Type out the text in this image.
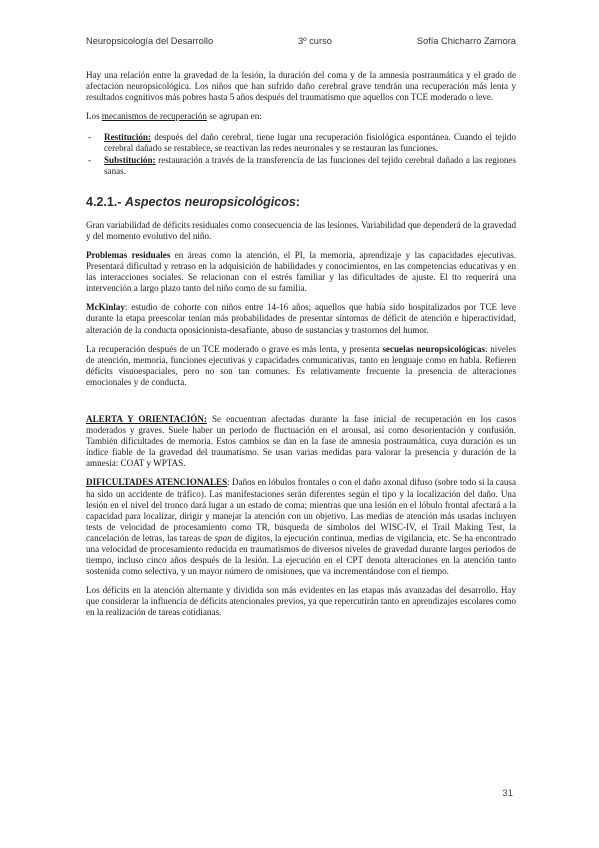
Neuropsicología del Desarrollo	3º curso	Sofía Chicharro Zamora

Hay una relación entre la gravedad de la lesión, la duración del coma y de la amnesia postraumática y el grado de afectación neuropsicológica. Los niños que han sufrido daño cerebral grave tendrán una recuperación más lenta y resultados cognitivos más pobres hasta 5 años después del traumatismo que aquellos con TCE moderado o leve.

Los mecanismos de recuperación se agrupan en:

- Restitución: después del daño cerebral, tiene lugar una recuperación fisiológica espontánea. Cuando el tejido cerebral dañado se restablece, se reactivan las redes neuronales y se restauran las funciones.
- Substitución: restauración a través de la transferencia de las funciones del tejido cerebral dañado a las regiones sanas.
4.2.1.- Aspectos neuropsicológicos:

Gran variabilidad de déficits residuales como consecuencia de las lesiones. Variabilidad que dependerá de la gravedad y del momento evolutivo del niño.

Problemas residuales en áreas como la atención, el PI, la memoria, aprendizaje y las capacidades ejecutivas. Presentará dificultad y retraso en la adquisición de habilidades y conocimientos, en las competencias educativas y en las interacciones sociales. Se relacionan con el estrés familiar y las dificultades de ajuste. El tto requerirá una intervención a largo plazo tanto del niño como de su familia.

McKinlay: estudio de cohorte con niños entre 14-16 años; aquellos que había sido hospitalizados por TCE leve durante la etapa preescolar tenían más probabilidades de presentar síntomas de déficit de atención e hiperactividad, alteración de la conducta oposicionista-desafiante, abuso de sustancias y trastornos del humor.

La recuperación después de un TCE moderado o grave es más lenta, y presenta secuelas neuropsicológicas: niveles de atención, memoria, funciones ejecutivas y capacidades comunicativas, tanto en lenguaje como en habla. Refieren déficits visuoespaciales, pero no son tan comunes. Es relativamente frecuente la presencia de alteraciones emocionales y de conducta.

ALERTA Y ORIENTACIÓN: Se encuentran afectadas durante la fase inicial de recuperación en los casos moderados y graves. Suele haber un periodo de fluctuación en el arousal, así como desorientación y confusión. También dificultades de memoria. Estos cambios se dan en la fase de amnesia postraumática, cuya duración es un índice fiable de la gravedad del traumatismo. Se usan varias medidas para valorar la presencia y duración de la amnesia: COAT y WPTAS.

DIFICULTADES ATENCIONALES: Daños en lóbulos frontales o con el daño axonal difuso (sobre todo si la causa ha sido un accidente de tráfico). Las manifestaciones serán diferentes según el tipo y la localización del daño. Una lesión en el nivel del tronco dará lugar a un estado de coma; mientras que una lesión en el lóbulo frontal afectará a la capacidad para localizar, dirigir y manejar la atención con un objetivo. Las medias de atención más usadas incluyen tests de velocidad de procesamiento como TR, búsqueda de símbolos del WISC-IV, el Trail Making Test, la cancelación de letras, las tareas de span de dígitos, la ejecución continua, medias de vigilancia, etc. Se ha encontrado una velocidad de procesamiento reducida en traumatismos de diversos niveles de gravedad durante largos periodos de tiempo, incluso cinco años después de la lesión. La ejecución en el CPT denota alteraciones en la atención tanto sostenida como selectiva, y un mayor número de omisiones, que va incrementándose con el tiempo.

Los déficits en la atención alternante y dividida son más evidentes en las etapas más avanzadas del desarrollo. Hay que considerar la influencia de déficits atencionales previos, ya que repercutirán tanto en aprendizajes escolares como en la realización de tareas cotidianas.

31
